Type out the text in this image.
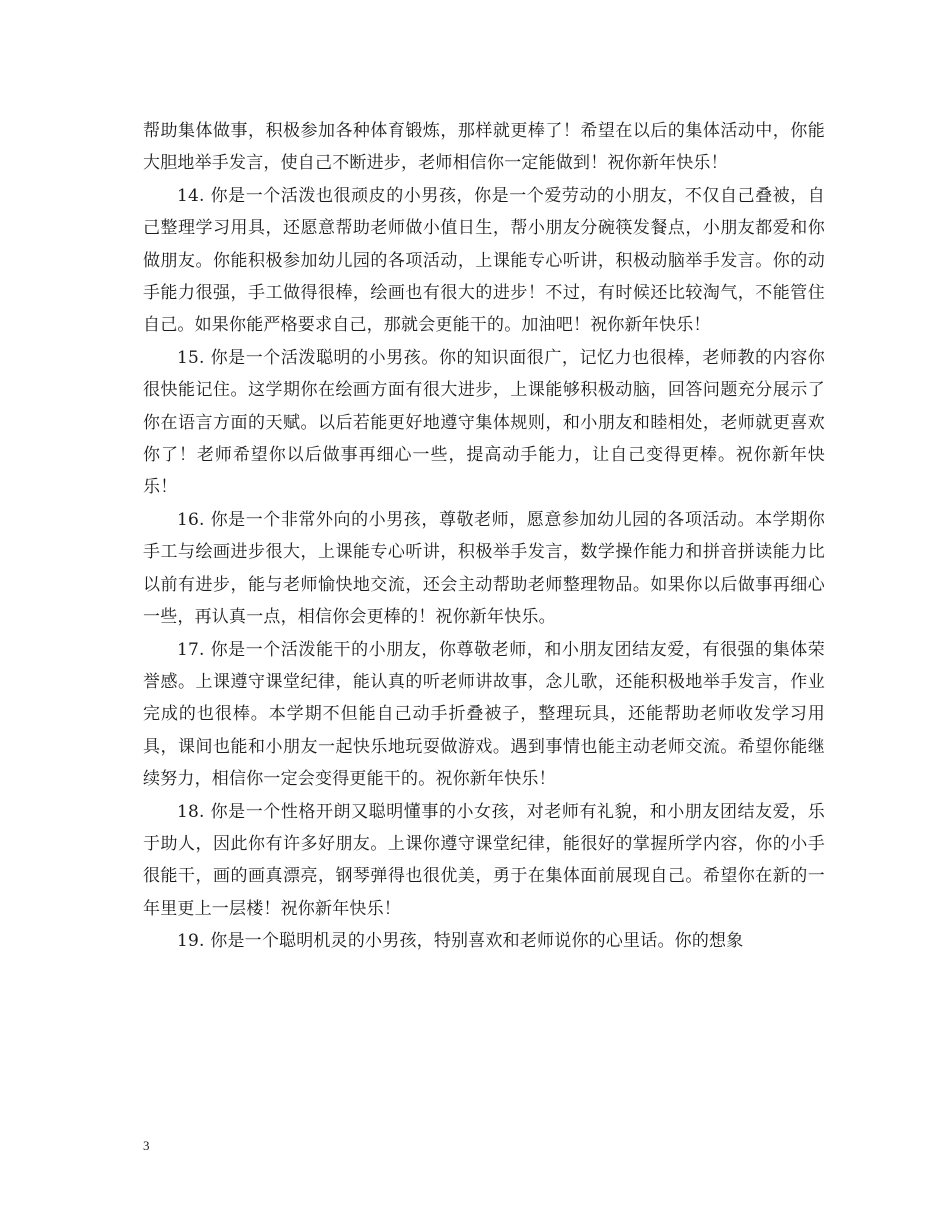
帮助集体做事，积极参加各种体育锻炼，那样就更棒了！希望在以后的集体活动中，你能大胆地举手发言，使自己不断进步，老师相信你一定能做到！祝你新年快乐！

14. 你是一个活泼也很顽皮的小男孩，你是一个爱劳动的小朋友，不仅自己叠被，自己整理学习用具，还愿意帮助老师做小值日生，帮小朋友分碗筷发餐点，小朋友都爱和你做朋友。你能积极参加幼儿园的各项活动，上课能专心听讲，积极动脑举手发言。你的动手能力很强，手工做得很棒，绘画也有很大的进步！不过，有时候还比较淘气，不能管住自己。如果你能严格要求自己，那就会更能干的。加油吧！祝你新年快乐！

15. 你是一个活泼聪明的小男孩。你的知识面很广，记忆力也很棒，老师教的内容你很快能记住。这学期你在绘画方面有很大进步，上课能够积极动脑，回答问题充分展示了你在语言方面的天赋。以后若能更好地遵守集体规则，和小朋友和睦相处，老师就更喜欢你了！老师希望你以后做事再细心一些，提高动手能力，让自己变得更棒。祝你新年快乐！

16. 你是一个非常外向的小男孩，尊敬老师，愿意参加幼儿园的各项活动。本学期你手工与绘画进步很大，上课能专心听讲，积极举手发言，数学操作能力和拼音拼读能力比以前有进步，能与老师愉快地交流，还会主动帮助老师整理物品。如果你以后做事再细心一些，再认真一点，相信你会更棒的！祝你新年快乐。

17. 你是一个活泼能干的小朋友，你尊敬老师，和小朋友团结友爱，有很强的集体荣誉感。上课遵守课堂纪律，能认真的听老师讲故事，念儿歌，还能积极地举手发言，作业完成的也很棒。本学期不但能自己动手折叠被子，整理玩具，还能帮助老师收发学习用具，课间也能和小朋友一起快乐地玩耍做游戏。遇到事情也能主动老师交流。希望你能继续努力，相信你一定会变得更能干的。祝你新年快乐！

18. 你是一个性格开朗又聪明懂事的小女孩，对老师有礼貌，和小朋友团结友爱，乐于助人，因此你有许多好朋友。上课你遵守课堂纪律，能很好的掌握所学内容，你的小手很能干，画的画真漂亮，钢琴弹得也很优美，勇于在集体面前展现自己。希望你在新的一年里更上一层楼！祝你新年快乐！

19. 你是一个聪明机灵的小男孩，特别喜欢和老师说你的心里话。你的想象

3
